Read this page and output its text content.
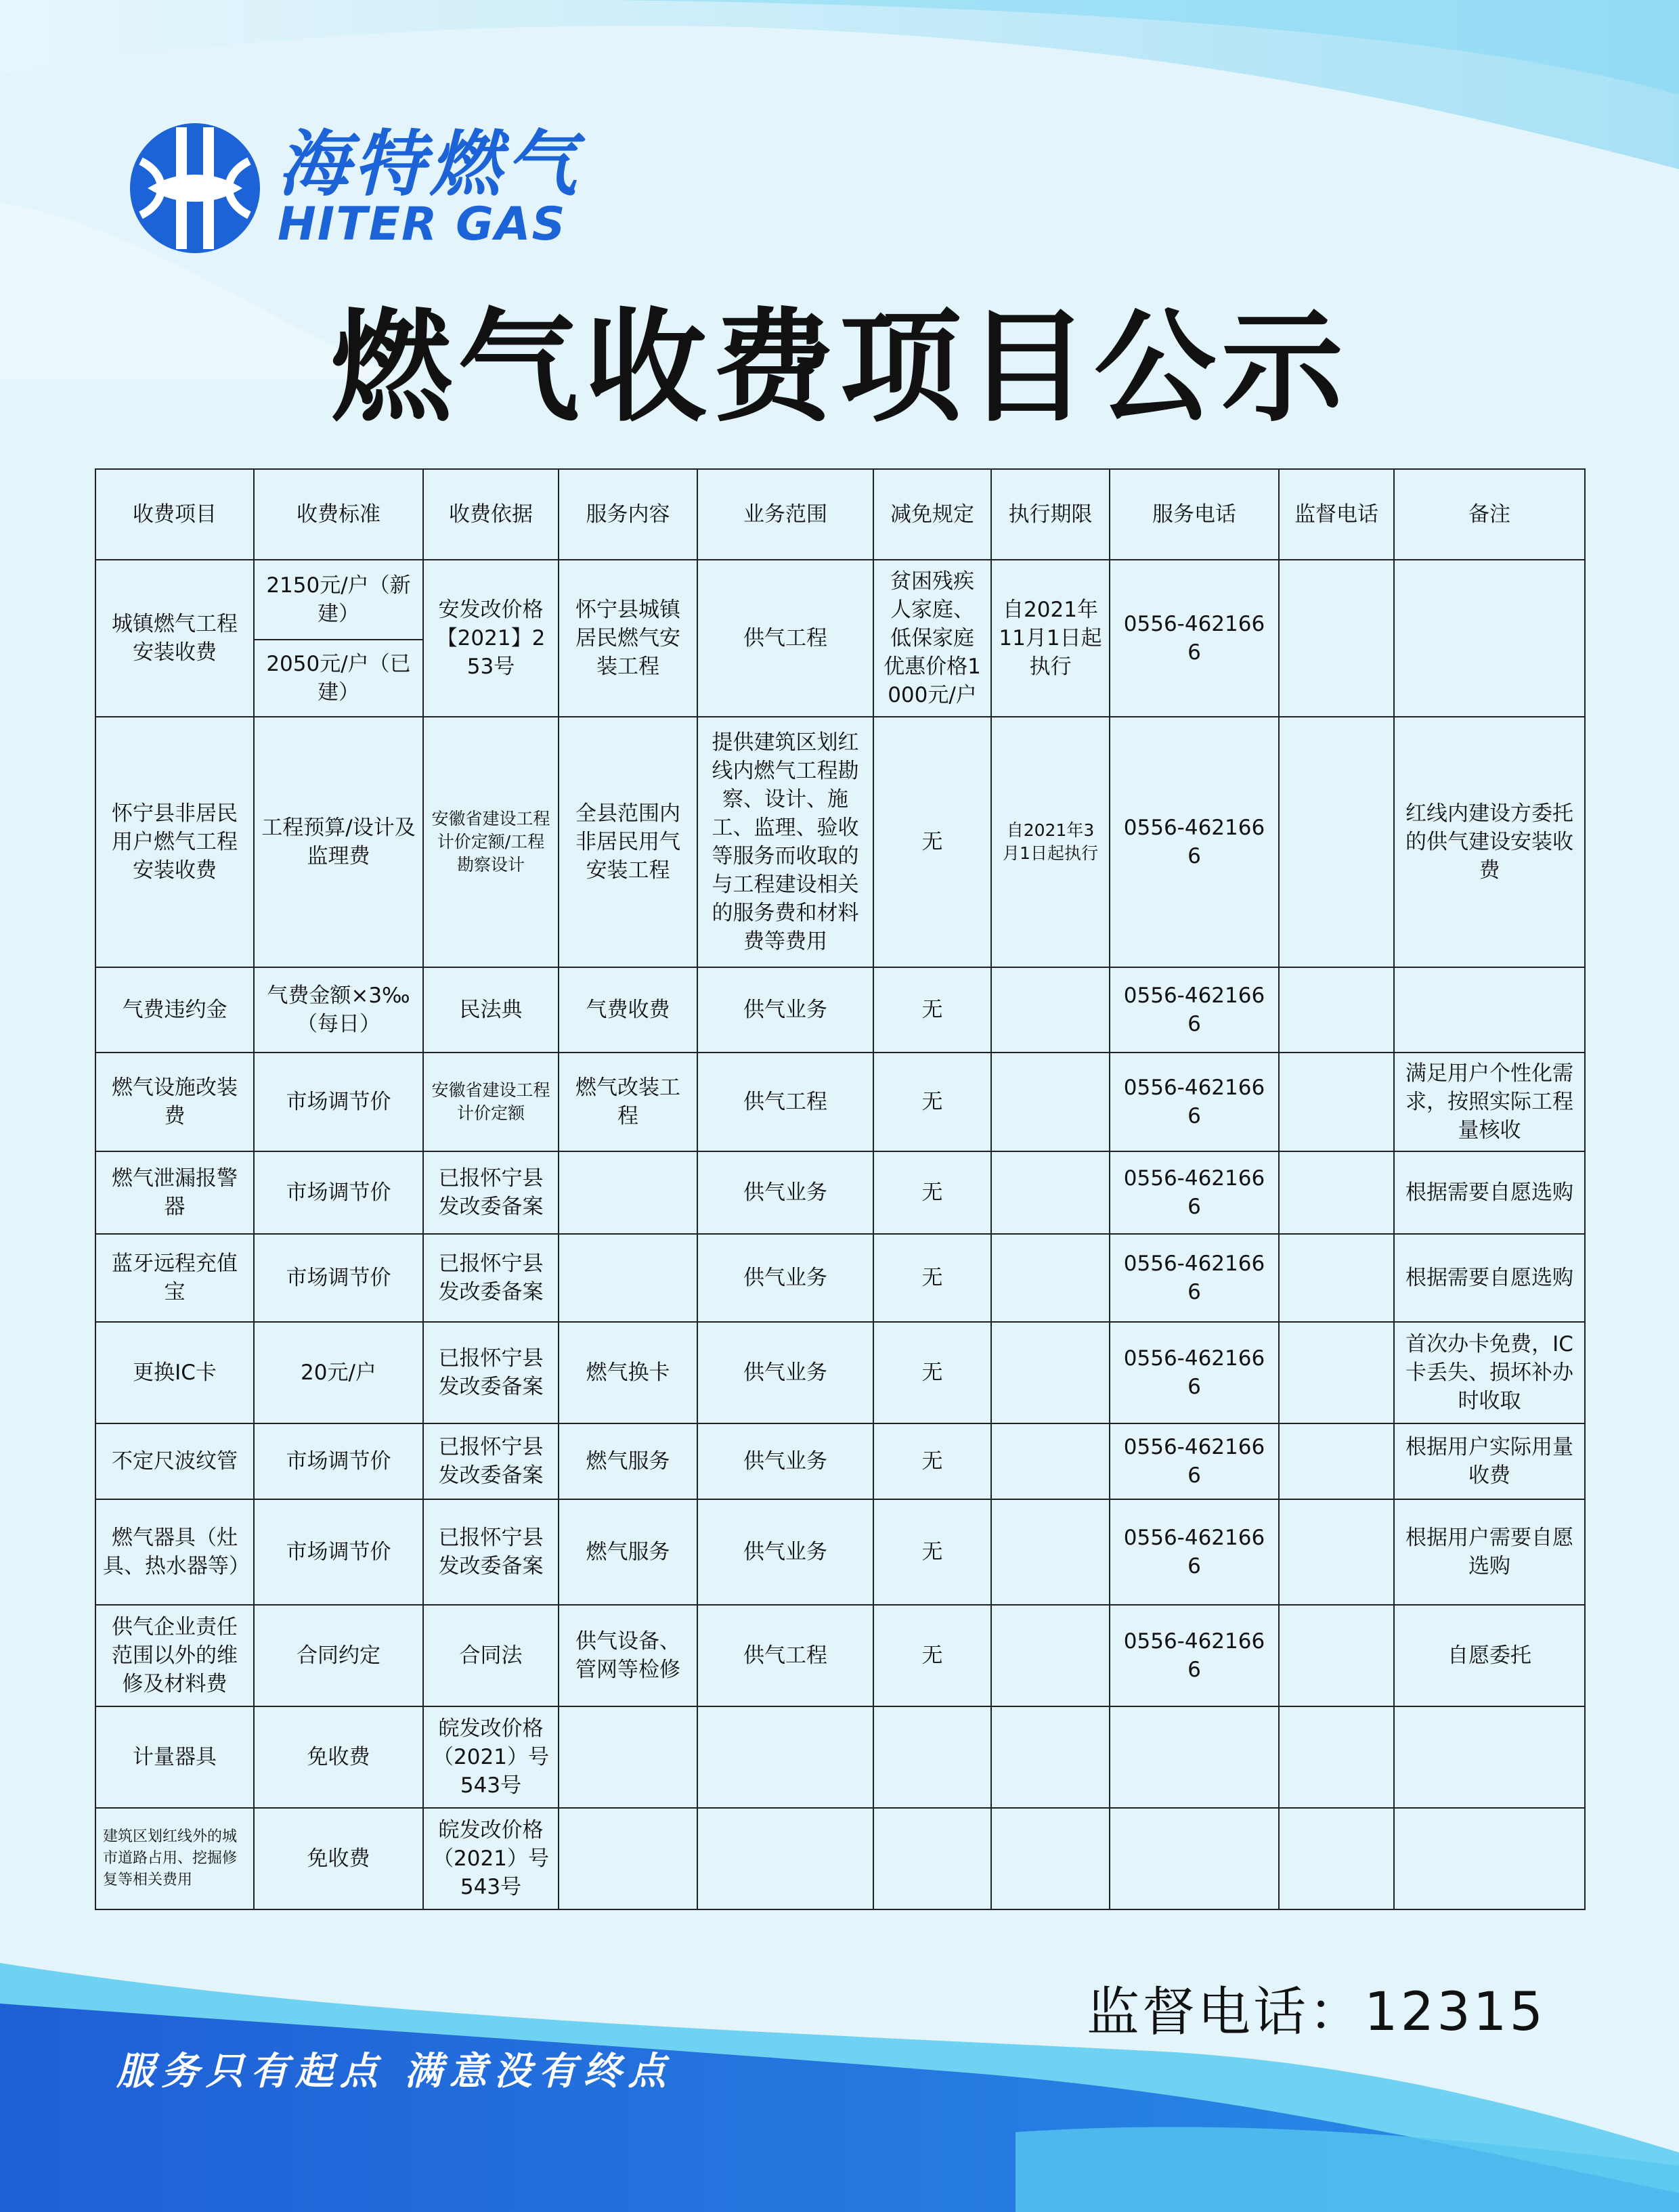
海特燃气
HITER GAS
燃气收费项目公示
收费项目	收费标准	收费依据	服务内容	业务范围	减免规定	执行期限	服务电话	监督电话	备注
城镇燃气工程安装收费	2150元/户（新建）	安发改价格【2021】253号	怀宁县城镇居民燃气安装工程	供气工程	贫困残疾人家庭、低保家庭优惠价格1000元/户	自2021年11月1日起执行	0556-4621666		
	2050元/户（已建）								
怀宁县非居民用户燃气工程安装收费	工程预算/设计及监理费	安徽省建设工程计价定额/工程勘察设计	全县范围内非居民用气安装工程	提供建筑区划红线内燃气工程勘察、设计、施工、监理、验收等服务而收取的与工程建设相关的服务费和材料费等费用	无	自2021年3月1日起执行	0556-4621666		红线内建设方委托的供气建设安装收费
气费违约金	气费金额×3‰（每日）	民法典	气费收费	供气业务	无		0556-4621666		
燃气设施改装费	市场调节价	安徽省建设工程计价定额	燃气改装工程	供气工程	无		0556-4621666		满足用户个性化需求，按照实际工程量核收
燃气泄漏报警器	市场调节价	已报怀宁县发改委备案		供气业务	无		0556-4621666		根据需要自愿选购
蓝牙远程充值宝	市场调节价	已报怀宁县发改委备案		供气业务	无		0556-4621666		根据需要自愿选购
更换IC卡	20元/户	已报怀宁县发改委备案	燃气换卡	供气业务	无		0556-4621666		首次办卡免费，IC卡丢失、损坏补办时收取
不定尺波纹管	市场调节价	已报怀宁县发改委备案	燃气服务	供气业务	无		0556-4621666		根据用户实际用量收费
燃气器具（灶具、热水器等）	市场调节价	已报怀宁县发改委备案	燃气服务	供气业务	无		0556-4621666		根据用户需要自愿选购
供气企业责任范围以外的维修及材料费	合同约定	合同法	供气设备、管网等检修	供气工程	无		0556-4621666		自愿委托
计量器具	免收费	皖发改价格（2021）号543号							
建筑区划红线外的城市道路占用、挖掘修复等相关费用	免收费	皖发改价格（2021）号543号							
监督电话：12315
服务只有起点 满意没有终点
